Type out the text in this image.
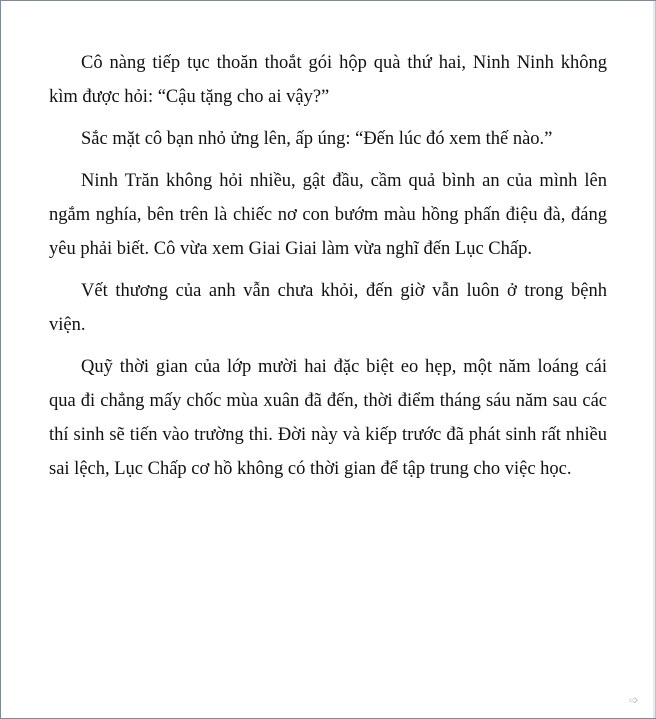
Cô nàng tiếp tục thoăn thoắt gói hộp quà thứ hai, Ninh Ninh không kìm được hỏi: “Cậu tặng cho ai vậy?”

Sắc mặt cô bạn nhỏ ửng lên, ấp úng: “Đến lúc đó xem thế nào.”

Ninh Trăn không hỏi nhiều, gật đầu, cầm quả bình an của mình lên ngắm nghía, bên trên là chiếc nơ con bướm màu hồng phấn điệu đà, đáng yêu phải biết. Cô vừa xem Giai Giai làm vừa nghĩ đến Lục Chấp.

Vết thương của anh vẫn chưa khỏi, đến giờ vẫn luôn ở trong bệnh viện.

Quỹ thời gian của lớp mười hai đặc biệt eo hẹp, một năm loáng cái qua đi chẳng mấy chốc mùa xuân đã đến, thời điểm tháng sáu năm sau các thí sinh sẽ tiến vào trường thi. Đời này và kiếp trước đã phát sinh rất nhiều sai lệch, Lục Chấp cơ hồ không có thời gian để tập trung cho việc học.

➩
